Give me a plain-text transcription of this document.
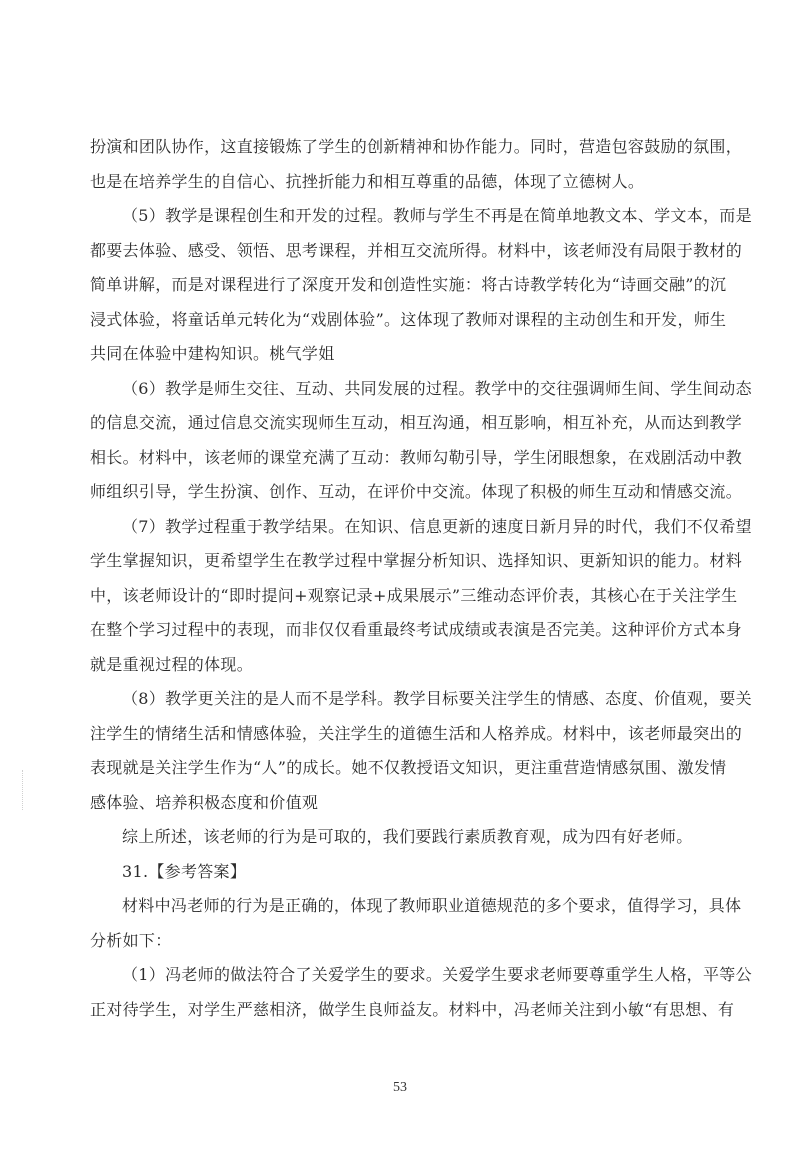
扮演和团队协作，这直接锻炼了学生的创新精神和协作能力。同时，营造包容鼓励的氛围，
也是在培养学生的自信心、抗挫折能力和相互尊重的品德，体现了立德树人。
（5）教学是课程创生和开发的过程。教师与学生不再是在简单地教文本、学文本，而是
都要去体验、感受、领悟、思考课程，并相互交流所得。材料中，该老师没有局限于教材的
简单讲解，而是对课程进行了深度开发和创造性实施：将古诗教学转化为“诗画交融”的沉
浸式体验，将童话单元转化为“戏剧体验”。这体现了教师对课程的主动创生和开发，师生
共同在体验中建构知识。桃气学姐
（6）教学是师生交往、互动、共同发展的过程。教学中的交往强调师生间、学生间动态
的信息交流，通过信息交流实现师生互动，相互沟通，相互影响，相互补充，从而达到教学
相长。材料中，该老师的课堂充满了互动：教师勾勒引导，学生闭眼想象，在戏剧活动中教
师组织引导，学生扮演、创作、互动，在评价中交流。体现了积极的师生互动和情感交流。
（7）教学过程重于教学结果。在知识、信息更新的速度日新月异的时代，我们不仅希望
学生掌握知识，更希望学生在教学过程中掌握分析知识、选择知识、更新知识的能力。材料
中，该老师设计的“即时提问+观察记录+成果展示”三维动态评价表，其核心在于关注学生
在整个学习过程中的表现，而非仅仅看重最终考试成绩或表演是否完美。这种评价方式本身
就是重视过程的体现。
（8）教学更关注的是人而不是学科。教学目标要关注学生的情感、态度、价值观，要关
注学生的情绪生活和情感体验，关注学生的道德生活和人格养成。材料中，该老师最突出的
表现就是关注学生作为“人”的成长。她不仅教授语文知识，更注重营造情感氛围、激发情
感体验、培养积极态度和价值观
综上所述，该老师的行为是可取的，我们要践行素质教育观，成为四有好老师。
31.【参考答案】
材料中冯老师的行为是正确的，体现了教师职业道德规范的多个要求，值得学习，具体
分析如下：
（1）冯老师的做法符合了关爱学生的要求。关爱学生要求老师要尊重学生人格，平等公
正对待学生，对学生严慈相济，做学生良师益友。材料中，冯老师关注到小敏“有思想、有
53
